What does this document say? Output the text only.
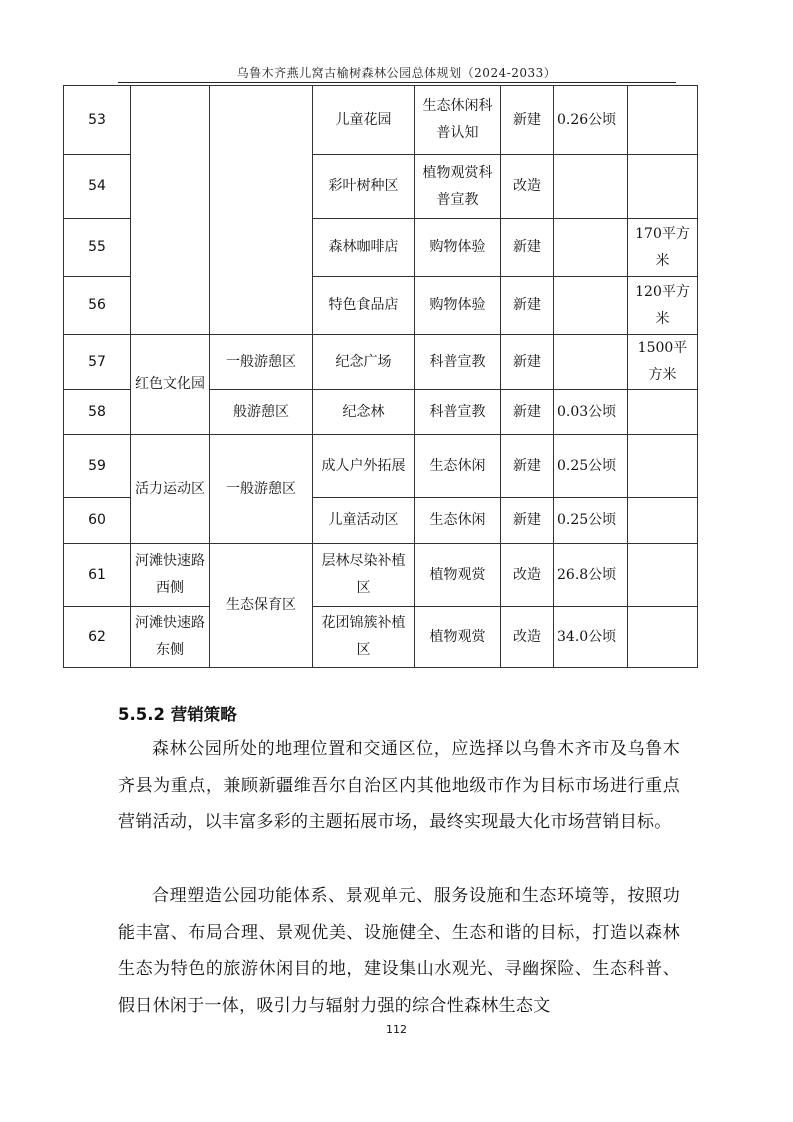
乌鲁木齐燕儿窝古榆树森林公园总体规划（2024-2033）
53			儿童花园	生态休闲科普认知	新建	0.26公顷	
54			彩叶树种区	植物观赏科普宣教	改造		
55			森林咖啡店	购物体验	新建		170平方米
56			特色食品店	购物体验	新建		120平方米
57	红色文化园	一般游憩区	纪念广场	科普宣教	新建		1500平方米
58		般游憩区	纪念林	科普宣教	新建	0.03公顷	
59	活力运动区	一般游憩区	成人户外拓展	生态休闲	新建	0.25公顷	
60			儿童活动区	生态休闲	新建	0.25公顷	
61	河滩快速路西侧	生态保育区	层林尽染补植区	植物观赏	改造	26.8公顷	
62	河滩快速路东侧		花团锦簇补植区	植物观赏	改造	34.0公顷	
5.5.2 营销策略

森林公园所处的地理位置和交通区位，应选择以乌鲁木齐市及乌鲁木齐县为重点，兼顾新疆维吾尔自治区内其他地级市作为目标市场进行重点营销活动，以丰富多彩的主题拓展市场，最终实现最大化市场营销目标。

合理塑造公园功能体系、景观单元、服务设施和生态环境等，按照功能丰富、布局合理、景观优美、设施健全、生态和谐的目标，打造以森林生态为特色的旅游休闲目的地，建设集山水观光、寻幽探险、生态科普、假日休闲于一体，吸引力与辐射力强的综合性森林生态文

112
